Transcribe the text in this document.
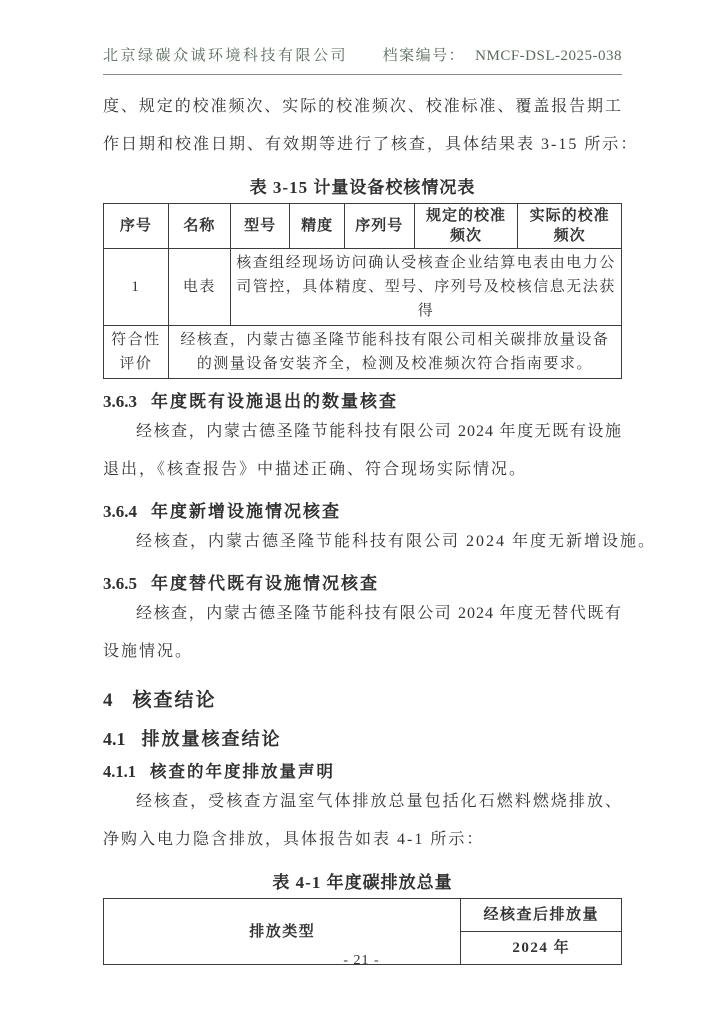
北京绿碳众诚环境科技有限公司 档案编号： NMCF-DSL-2025-038
度、规定的校准频次、实际的校准频次、校准标准、覆盖报告期工
作日期和校准日期、有效期等进行了核查，具体结果表 3-15 所示：
表 3-15 计量设备校核情况表
序号	名称	型号	精度	序列号	规定的校准频次	实际的校准频次
1	电表	核查组经现场访问确认受核查企业结算电表由电力公司管控，具体精度、型号、序列号及校核信息无法获得				
符合性评价	经核查，内蒙古德圣隆节能科技有限公司相关碳排放量设备的测量设备安装齐全，检测及校准频次符合指南要求。					
3.6.3 年度既有设施退出的数量核查
经核查，内蒙古德圣隆节能科技有限公司 2024 年度无既有设施
退出，《核查报告》中描述正确、符合现场实际情况。
3.6.4 年度新增设施情况核查
经核查，内蒙古德圣隆节能科技有限公司 2024 年度无新增设施。
3.6.5 年度替代既有设施情况核查
经核查，内蒙古德圣隆节能科技有限公司 2024 年度无替代既有
设施情况。
4 核查结论
4.1 排放量核查结论
4.1.1 核查的年度排放量声明
经核查，受核查方温室气体排放总量包括化石燃料燃烧排放、
净购入电力隐含排放，具体报告如表 4-1 所示：
表 4-1 年度碳排放总量
排放类型	经核查后排放量
2024 年
- 21 -
